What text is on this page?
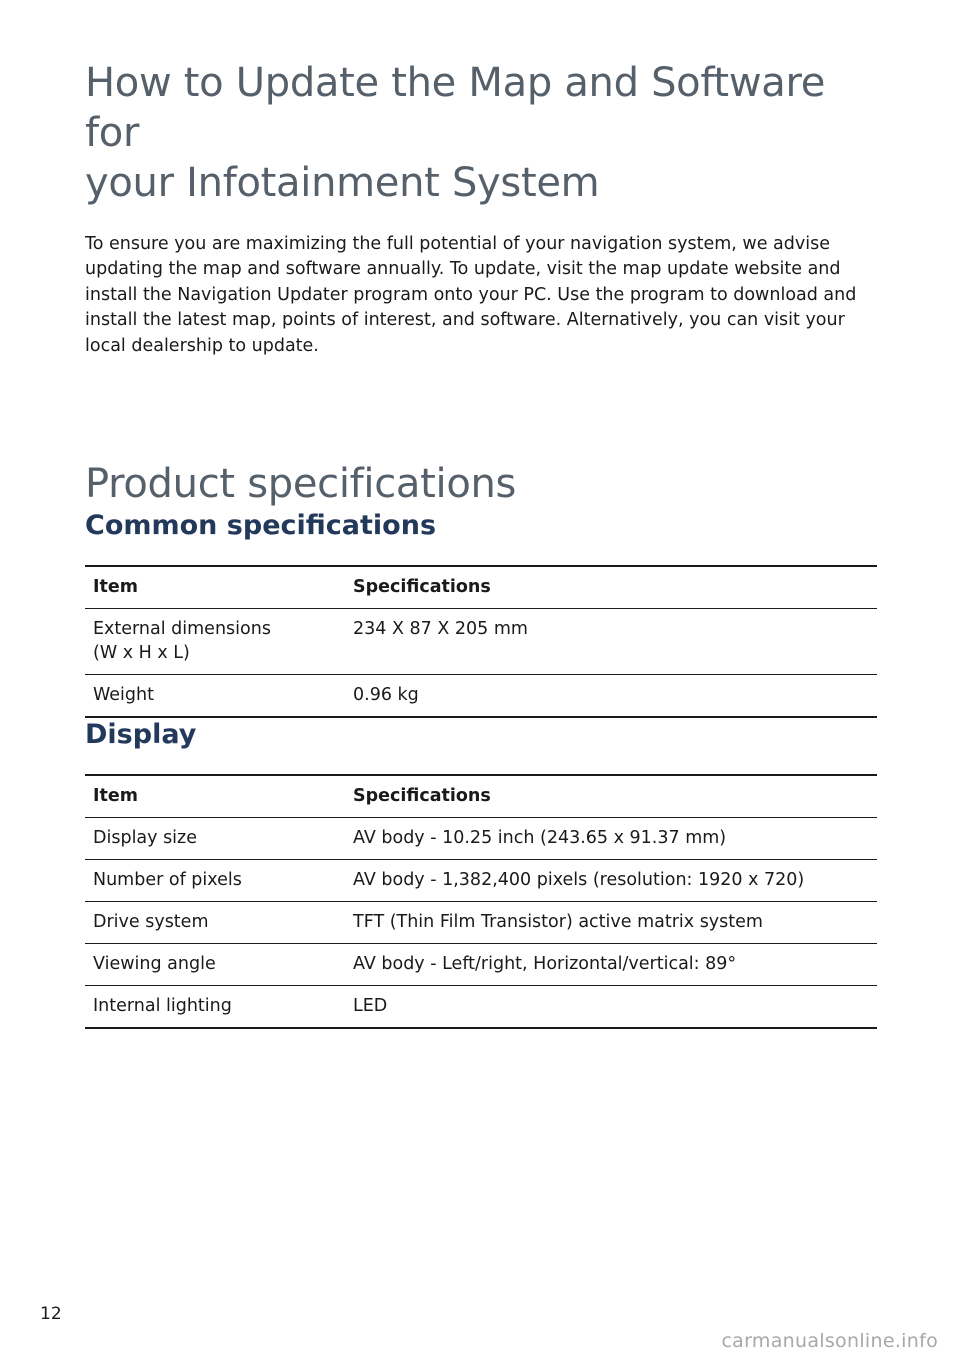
How to Update the Map and Software for
your Infotainment System

To ensure you are maximizing the full potential of your navigation system, we advise updating the map and software annually. To update, visit the map update website and install the Navigation Updater program onto your PC. Use the program to download and install the latest map, points of interest, and software. Alternatively, you can visit your local dealership to update.

Product specifications
Common specifications
Item	Specifications
External dimensions
(W x H x L)	234 X 87 X 205 mm
Weight	0.96 kg
Display
Item	Specifications
Display size	AV body - 10.25 inch (243.65 x 91.37 mm)
Number of pixels	AV body - 1,382,400 pixels (resolution: 1920 x 720)
Drive system	TFT (Thin Film Transistor) active matrix system
Viewing angle	AV body - Left/right, Horizontal/vertical: 89°
Internal lighting	LED
12
carmanualsonline.info
